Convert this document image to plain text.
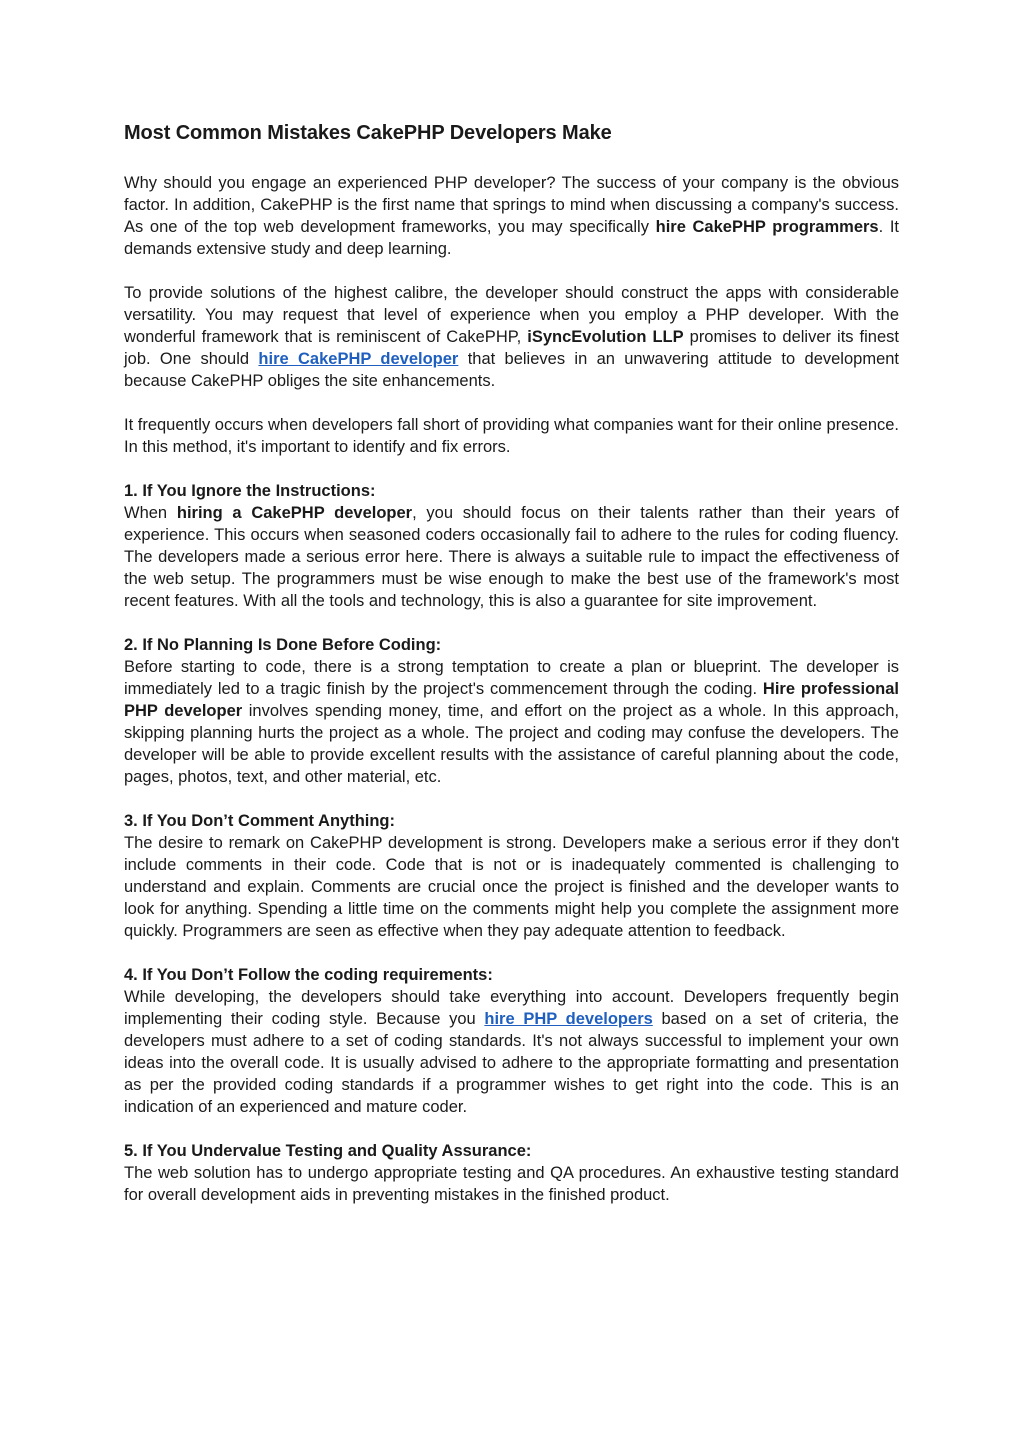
Most Common Mistakes CakePHP Developers Make

Why should you engage an experienced PHP developer? The success of your company is the obvious factor. In addition, CakePHP is the first name that springs to mind when discussing a company's success. As one of the top web development frameworks, you may specifically hire CakePHP programmers. It demands extensive study and deep learning.

To provide solutions of the highest calibre, the developer should construct the apps with considerable versatility. You may request that level of experience when you employ a PHP developer. With the wonderful framework that is reminiscent of CakePHP, iSyncEvolution LLP promises to deliver its finest job. One should hire CakePHP developer that believes in an unwavering attitude to development because CakePHP obliges the site enhancements.

It frequently occurs when developers fall short of providing what companies want for their online presence. In this method, it's important to identify and fix errors.

1. If You Ignore the Instructions:
When hiring a CakePHP developer, you should focus on their talents rather than their years of experience. This occurs when seasoned coders occasionally fail to adhere to the rules for coding fluency. The developers made a serious error here. There is always a suitable rule to impact the effectiveness of the web setup. The programmers must be wise enough to make the best use of the framework's most recent features. With all the tools and technology, this is also a guarantee for site improvement.

2. If No Planning Is Done Before Coding:
Before starting to code, there is a strong temptation to create a plan or blueprint. The developer is immediately led to a tragic finish by the project's commencement through the coding. Hire professional PHP developer involves spending money, time, and effort on the project as a whole. In this approach, skipping planning hurts the project as a whole. The project and coding may confuse the developers. The developer will be able to provide excellent results with the assistance of careful planning about the code, pages, photos, text, and other material, etc.

3. If You Don’t Comment Anything:
The desire to remark on CakePHP development is strong. Developers make a serious error if they don't include comments in their code. Code that is not or is inadequately commented is challenging to understand and explain. Comments are crucial once the project is finished and the developer wants to look for anything. Spending a little time on the comments might help you complete the assignment more quickly. Programmers are seen as effective when they pay adequate attention to feedback.

4. If You Don’t Follow the coding requirements:
While developing, the developers should take everything into account. Developers frequently begin implementing their coding style. Because you hire PHP developers based on a set of criteria, the developers must adhere to a set of coding standards. It's not always successful to implement your own ideas into the overall code. It is usually advised to adhere to the appropriate formatting and presentation as per the provided coding standards if a programmer wishes to get right into the code. This is an indication of an experienced and mature coder.

5. If You Undervalue Testing and Quality Assurance:
The web solution has to undergo appropriate testing and QA procedures. An exhaustive testing standard for overall development aids in preventing mistakes in the finished product.
